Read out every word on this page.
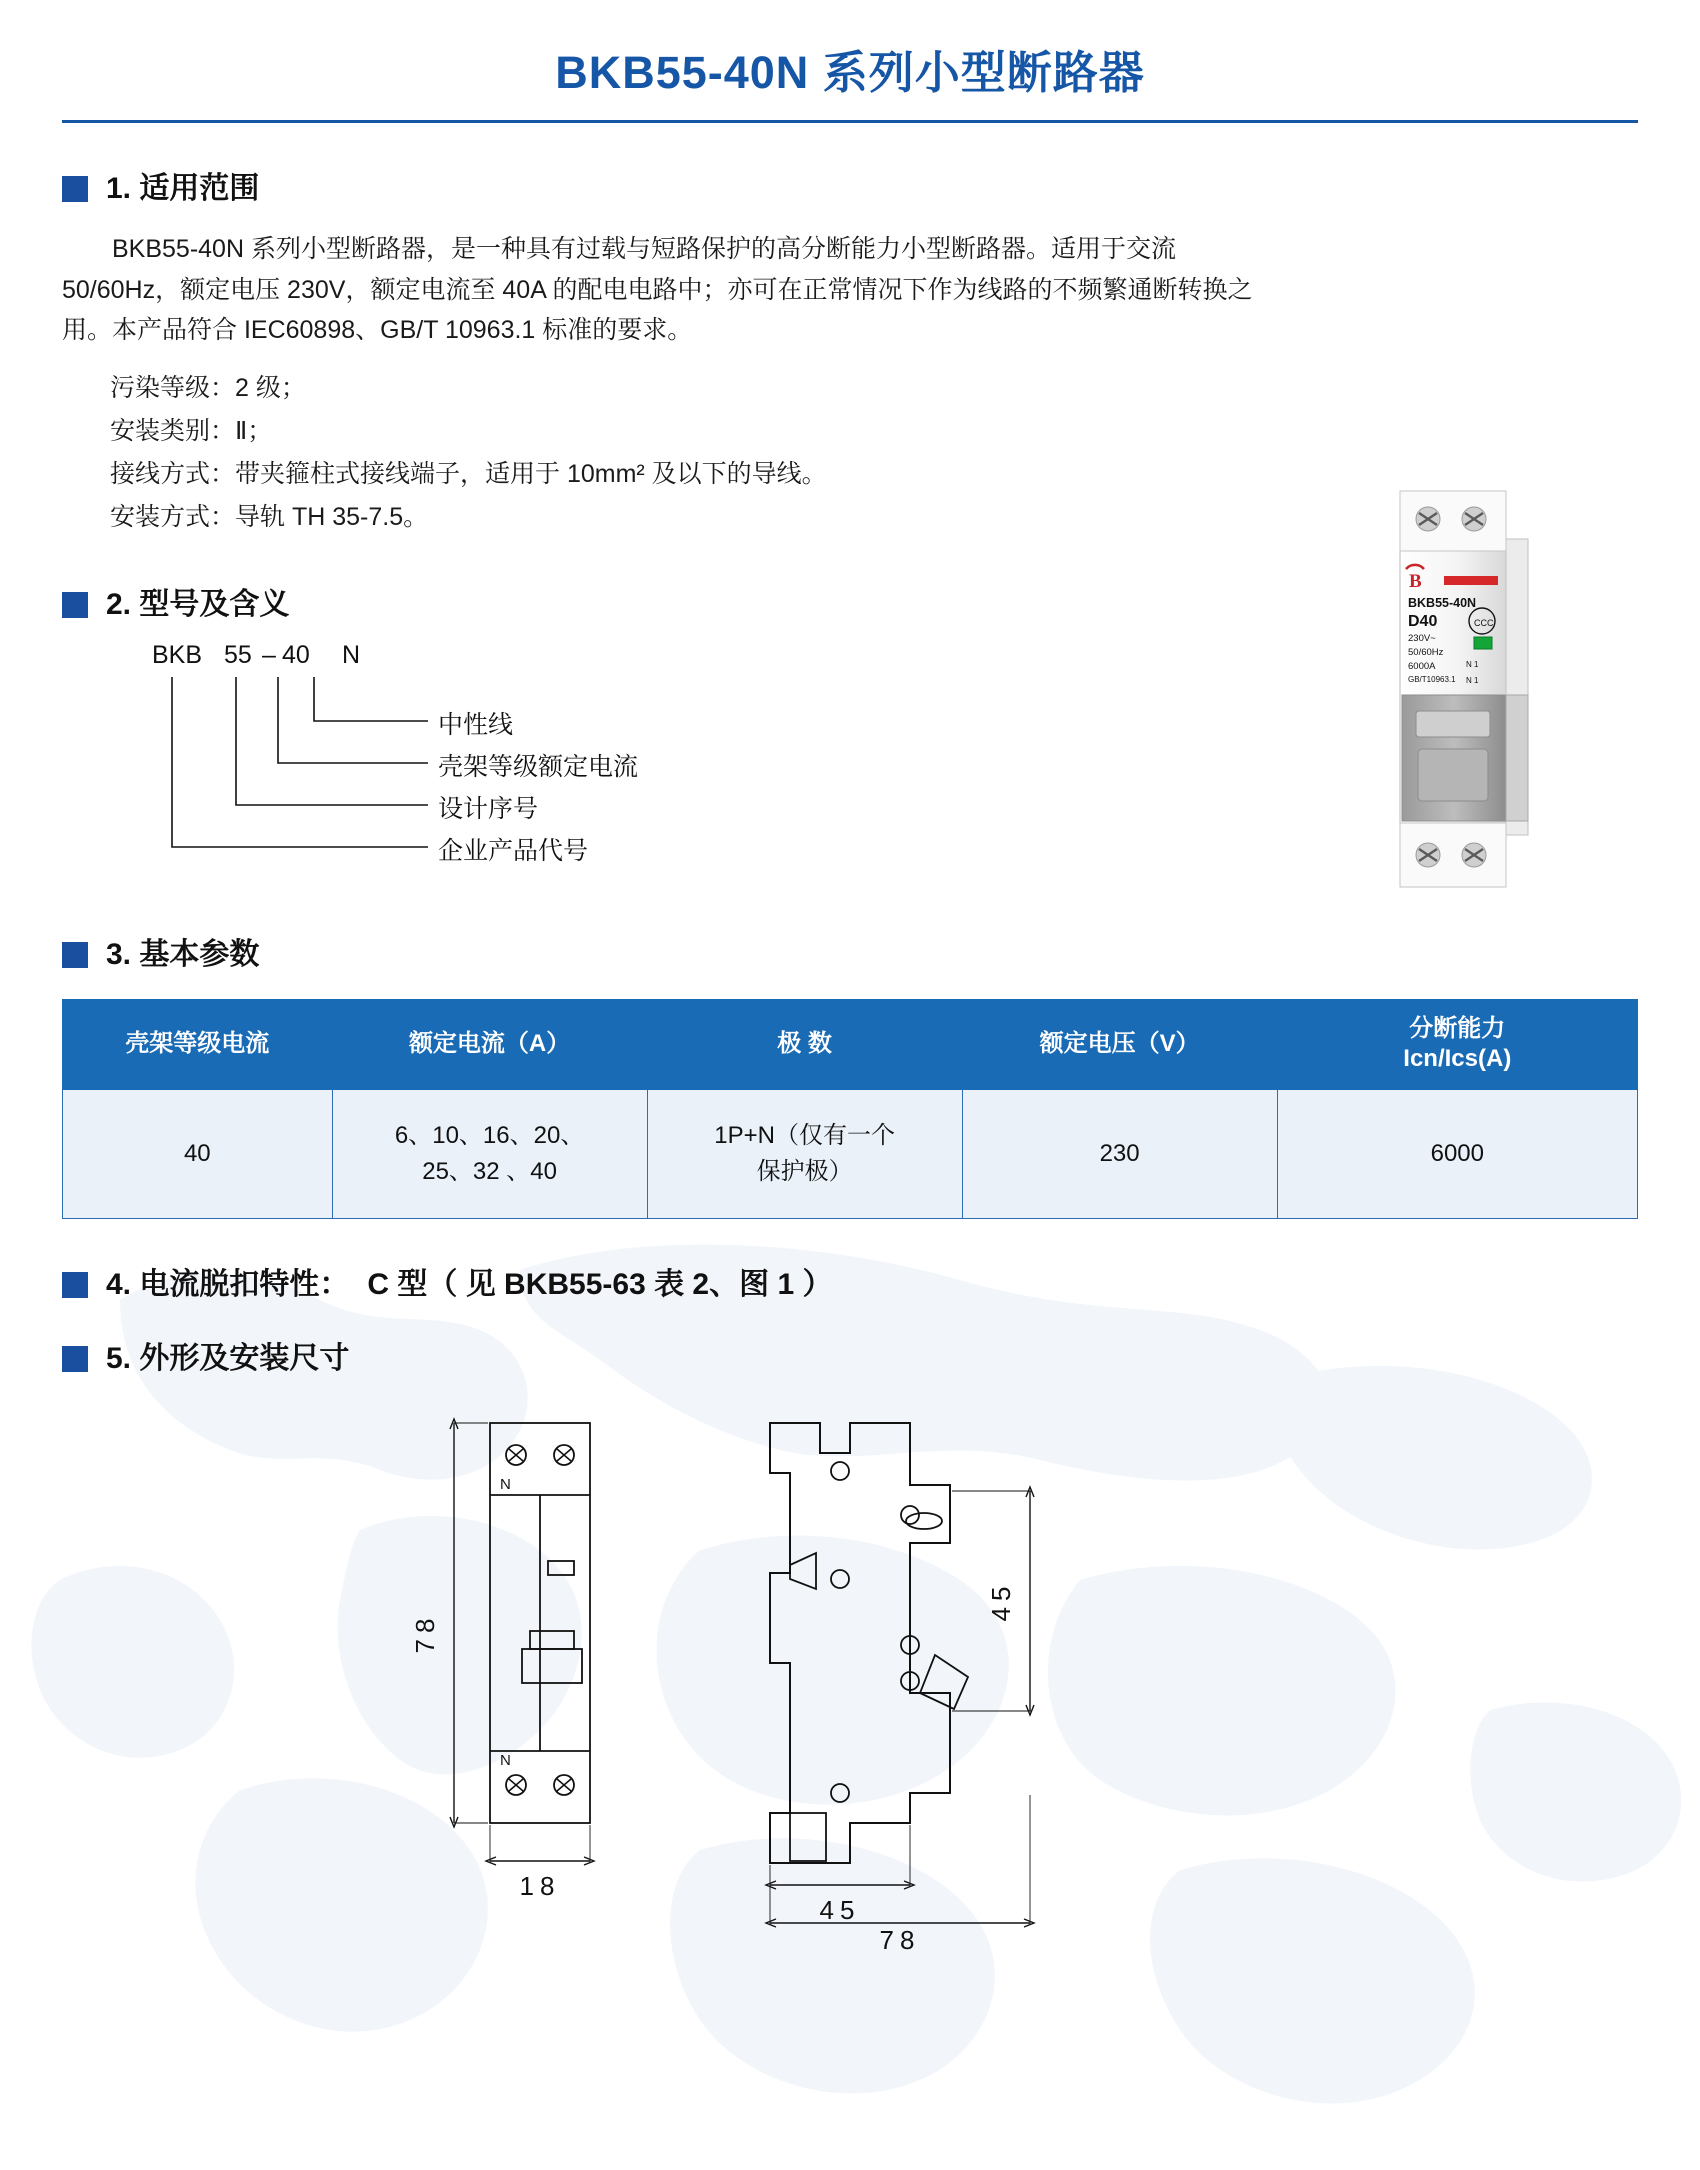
BKB55-40N 系列小型断路器
1. 适用范围
BKB55-40N 系列小型断路器，是一种具有过载与短路保护的高分断能力小型断路器。适用于交流 50/60Hz，额定电压 230V，额定电流至 40A 的配电电路中；亦可在正常情况下作为线路的不频繁通断转换之用。本产品符合 IEC60898、GB/T 10963.1 标准的要求。
污染等级：2 级；
安装类别：Ⅱ；
接线方式：带夹箍柱式接线端子，适用于 10mm² 及以下的导线。
安装方式：导轨 TH 35-7.5。
B
BKB55-40N
D40
230V~
50/60Hz
6000A
GB/T10963.1
CCC
N 1
N 1
2. 型号及含义
BKB 55 – 40 N
中性线
壳架等级额定电流
设计序号
企业产品代号
3. 基本参数
壳架等级电流	额定电流（A）	极 数	额定电压（V）	分断能力
Icn/Ics(A)

40	6、10、16、20、
25、32 、40	1P+N（仅有一个
保护极）	230	6000
4. 电流脱扣特性： C 型（ 见 BKB55-63 表 2、图 1 ）
5. 外形及安装尺寸
78
18
45
45
78
N
N
